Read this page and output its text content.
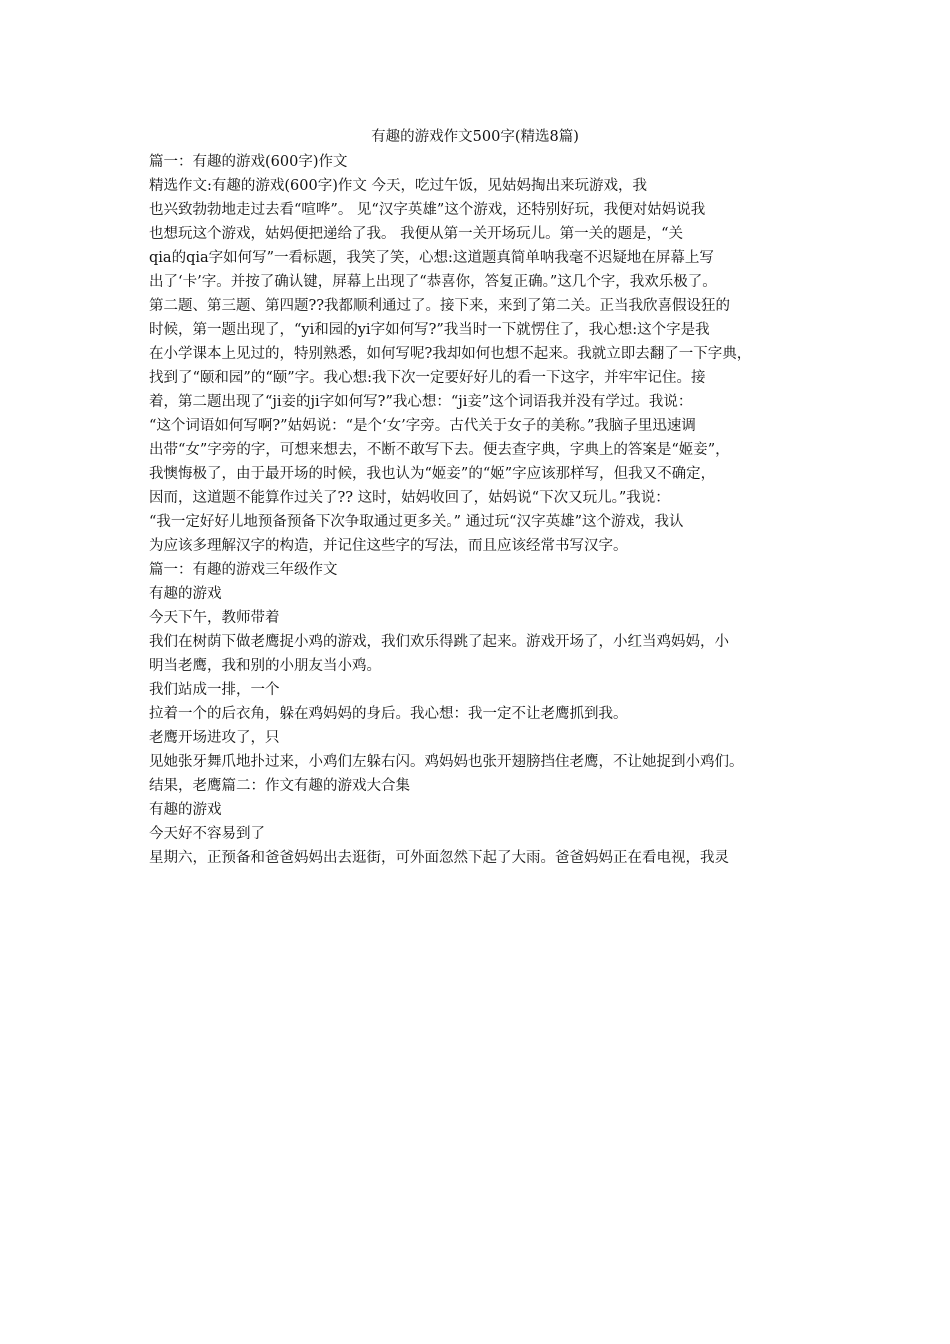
有趣的游戏作文500字(精选8篇)

篇一：有趣的游戏(600字)作文

精选作文:有趣的游戏(600字)作文 今天，吃过午饭，见姑妈掏出来玩游戏，我

也兴致勃勃地走过去看“喧哗”。 见“汉字英雄”这个游戏，还特别好玩，我便对姑妈说我

也想玩这个游戏，姑妈便把递给了我。 我便从第一关开场玩儿。第一关的题是，“关

qia的qia字如何写”一看标题，我笑了笑，心想:这道题真简单呐我毫不迟疑地在屏幕上写

出了‘卡’字。并按了确认键，屏幕上出现了“恭喜你，答复正确。”这几个字，我欢乐极了。

第二题、第三题、第四题??我都顺利通过了。接下来，来到了第二关。正当我欣喜假设狂的

时候，第一题出现了，“yi和园的yi字如何写?”我当时一下就愣住了，我心想:这个字是我

在小学课本上见过的，特别熟悉，如何写呢?我却如何也想不起来。我就立即去翻了一下字典，

找到了“颐和园”的“颐”字。我心想:我下次一定要好好儿的看一下这字，并牢牢记住。接

着，第二题出现了“ji妾的ji字如何写?”我心想：“ji妾”这个词语我并没有学过。我说：

“这个词语如何写啊?”姑妈说：“是个‘女’字旁。古代关于女子的美称。”我脑子里迅速调

出带“女”字旁的字，可想来想去，不断不敢写下去。便去查字典，字典上的答案是“姬妾”，

我懊悔极了，由于最开场的时候，我也认为“姬妾”的“姬”字应该那样写，但我又不确定，

因而，这道题不能算作过关了?? 这时，姑妈收回了，姑妈说“下次又玩儿。”我说：

“我一定好好儿地预备预备下次争取通过更多关。” 通过玩“汉字英雄”这个游戏，我认

为应该多理解汉字的构造，并记住这些字的写法，而且应该经常书写汉字。

篇一：有趣的游戏三年级作文

有趣的游戏

今天下午，教师带着

我们在树荫下做老鹰捉小鸡的游戏，我们欢乐得跳了起来。游戏开场了，小红当鸡妈妈，小

明当老鹰，我和别的小朋友当小鸡。

我们站成一排，一个

拉着一个的后衣角，躲在鸡妈妈的身后。我心想：我一定不让老鹰抓到我。

老鹰开场进攻了，只

见她张牙舞爪地扑过来，小鸡们左躲右闪。鸡妈妈也张开翅膀挡住老鹰，不让她捉到小鸡们。

结果，老鹰篇二：作文有趣的游戏大合集

有趣的游戏

今天好不容易到了

星期六，正预备和爸爸妈妈出去逛街，可外面忽然下起了大雨。爸爸妈妈正在看电视，我灵
